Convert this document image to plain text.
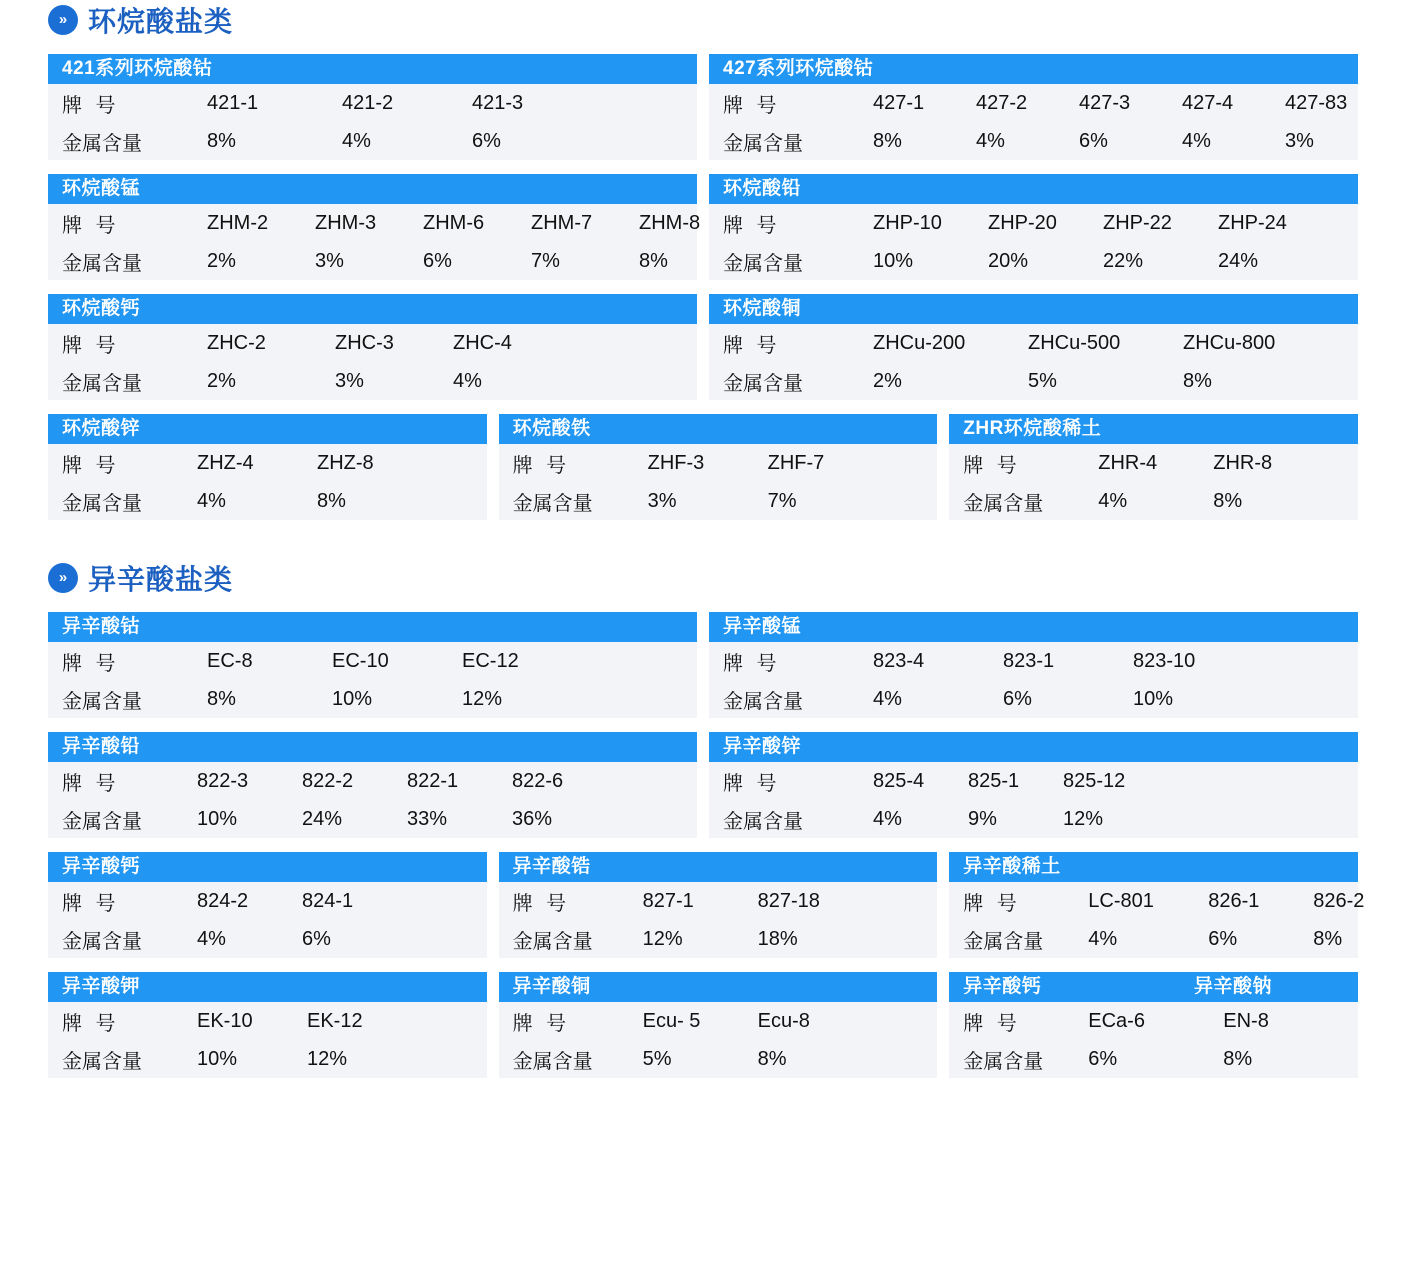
» 环烷酸盐类
421系列环烷酸钴
牌 号	421-1	421-2	421-3
金属含量	8%	4%	6%
427系列环烷酸钴
牌 号	427-1	427-2	427-3	427-4	427-83
金属含量	8%	4%	6%	4%	3%
环烷酸锰
牌 号	ZHM-2	ZHM-3	ZHM-6	ZHM-7	ZHM-8
金属含量	2%	3%	6%	7%	8%
环烷酸铅
牌 号	ZHP-10	ZHP-20	ZHP-22	ZHP-24
金属含量	10%	20%	22%	24%
环烷酸钙
牌 号	ZHC-2	ZHC-3	ZHC-4
金属含量	2%	3%	4%
环烷酸铜
牌 号	ZHCu-200	ZHCu-500	ZHCu-800
金属含量	2%	5%	8%
环烷酸锌
牌 号	ZHZ-4	ZHZ-8
金属含量	4%	8%
环烷酸铁
牌 号	ZHF-3	ZHF-7
金属含量	3%	7%
ZHR环烷酸稀土
牌 号	ZHR-4	ZHR-8
金属含量	4%	8%
» 异辛酸盐类
异辛酸钴
牌 号	EC-8	EC-10	EC-12
金属含量	8%	10%	12%
异辛酸锰
牌 号	823-4	823-1	823-10
金属含量	4%	6%	10%
异辛酸铅
牌 号	822-3	822-2	822-1	822-6
金属含量	10%	24%	33%	36%
异辛酸锌
牌 号	825-4	825-1	825-12
金属含量	4%	9%	12%
异辛酸钙
牌 号	824-2	824-1
金属含量	4%	6%
异辛酸锆
牌 号	827-1	827-18
金属含量	12%	18%
异辛酸稀土
牌 号	LC-801	826-1	826-2
金属含量	4%	6%	8%
异辛酸钾
牌 号	EK-10	EK-12
金属含量	10%	12%
异辛酸铜
牌 号	Ecu- 5	Ecu-8
金属含量	5%	8%
异辛酸钙	异辛酸钠
牌 号	ECa-6	EN-8
金属含量	6%	8%
